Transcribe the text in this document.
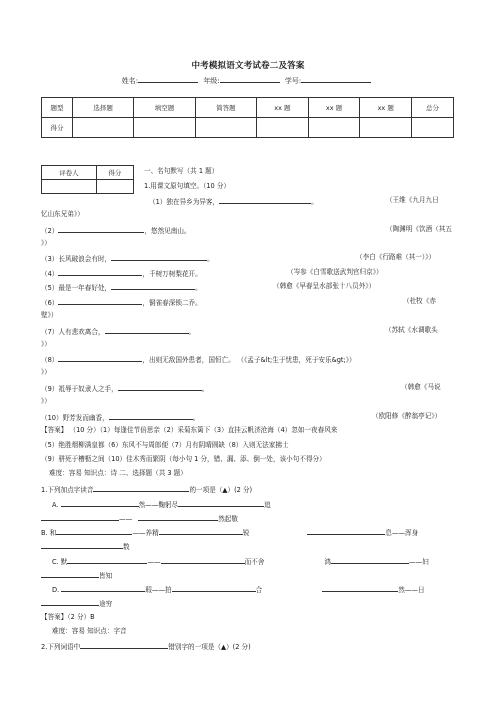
中考模拟语文考试卷二及答案
姓名:	年级:	学号:
题型	选择题	填空题	简答题	xx 题	xx 题	xx 题	总分
得分							
评卷人	得分
		一、名句默写（共 1 题）
1.用课文原句填空。（10 分）
（1）独在异乡为异客，	。	（王维《九月九日
忆山东兄弟》）
（2）	，悠然见南山。	（陶渊明《饮酒（其五
》）
（3）长风破浪会有时，	。	（李白《行路难（其一）》）
（4）	，千树万树梨花开。	（岑参《白雪歌送武判官归京》）
（5）最是一年春好处，	。	（韩愈《早春呈水部张十八员外》）
（6）	，铜雀春深锁二乔。	（杜牧《赤
壁》）
（7）人有悲欢离合，	。	（苏轼《水调歌头
》）
（8）	，出则无敌国外患者，国恒亡。 （《孟子&lt;生于忧患，死于安乐&gt;》）
》）
（9）祗辱于奴隶人之手，	。	（韩愈《马说
》）
（10）野芳发而幽香，	。	（欧阳修《醉翁亭记》）
【答案】 （10 分）（1）每逢佳节倍思亲（2）采菊东篱下（3）直挂云帆济沧海（4）忽如一夜春风来
（5）绝胜烟柳满皇都（6）东风不与周郎便（7）月有阴晴圆缺（8）入则无法家拂士
（9）骈死于槽枥之间（10）佳木秀而繁阴（每小句 1 分，错、漏、添、倒一处，该小句不得分）
难度：容易 知识点：诗 二、选择题（共 3 题）
1.下列加点字读音	的一项是（▲）(2 分)
A.	然——鞠躬尽	追
——	然起敬
B. 和	——养精	锐	息——浑身
数
C. 默	——	而不舍	鸿	——妇
皆知
D.	瑕——拍	合	然——日
途穷
【答案】（2 分）B
难度：容易 知识点：字音
2.下列词语中	错别字的一项是（▲）(2 分)
